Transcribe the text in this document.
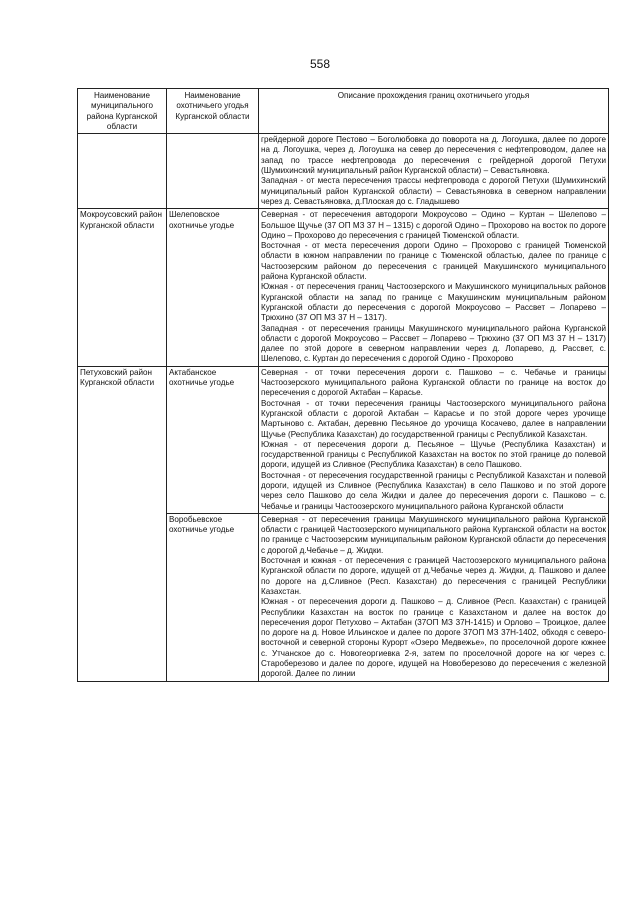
558
Наименование муниципального района Курганской области	Наименование охотничьего угодья Курганской области	Описание прохождения границ охотничьего угодья

		грейдерной дороге Пестово – Боголюбовка до поворота на д. Логоушка, далее по дороге на д. Логоушка, через д. Логоушка на север до пересечения с нефтепроводом, далее на запад по трассе нефтепровода до пересечения с грейдерной дорогой Петухи (Шумихинский муниципальный район Курганской области) – Севастьяновка.
Западная - от места пересечения трассы нефтепровода с дорогой Петухи (Шумихинский муниципальный район Курганской области) – Севастьяновка в северном направлении через д. Севастьяновка, д.Плоская до с. Гладышево

Мокроусовский район Курганской области	Шелеповское охотничье угодье	Северная - от пересечения автодороги Мокроусово – Одино – Куртан – Шелепово – Большое Щучье (37 ОП МЗ 37 Н – 1315) с дорогой Одино – Прохорово на восток по дороге Одино – Прохорово до пересечения с границей Тюменской области.
Восточная - от места пересечения дороги Одино – Прохорово с границей Тюменской области в южном направлении по границе с Тюменской областью, далее по границе с Частоозерским районом до пересечения с границей Макушинского муниципального района Курганской области.
Южная - от пересечения границ Частоозерского и Макушинского муниципальных районов Курганской области на запад по границе с Макушинским муниципальным районом Курганской области до пересечения с дорогой Мокроусово – Рассвет – Лопарево – Трюхино (37 ОП МЗ 37 Н – 1317).
Западная - от пересечения границы Макушинского муниципального района Курганской области с дорогой Мокроусово – Рассвет – Лопарево – Трюхино (37 ОП МЗ 37 Н – 1317) далее по этой дороге в северном направлении через д. Лопарево, д. Рассвет, с. Шелепово, с. Куртан до пересечения с дорогой Одино - Прохорово

Петуховский район Курганской области	Актабанское охотничье угодье	Северная - от точки пересечения дороги с. Пашково – с. Чебачье и границы Частоозерского муниципального района Курганской области по границе на восток до пересечения с дорогой Актабан – Карасье.
Восточная - от точки пересечения границы Частоозерского муниципального района Курганской области с дорогой Актабан – Карасье и по этой дороге через урочище Мартыново с. Актабан, деревню Песьяное до урочища Косачево, далее в направлении Щучье (Республика Казахстан) до государственной границы с Республикой Казахстан.
Южная - от пересечения дороги д. Песьяное – Щучье (Республика Казахстан) и государственной границы с Республикой Казахстан на восток по этой границе до полевой дороги, идущей из Сливное (Республика Казахстан) в село Пашково.
Восточная - от пересечения государственной границы с Республикой Казахстан и полевой дороги, идущей из Сливное (Республика Казахстан) в село Пашково и по этой дороге через село Пашково до села Жидки и далее до пересечения дороги с. Пашково – с. Чебачье и границы Частоозерского муниципального района Курганской области

	Воробьевское охотничье угодье	Северная - от пересечения границы Макушинского муниципального района Курганской области с границей Частоозерского муниципального района Курганской области на восток по границе с Частоозерским муниципальным районом Курганской области до пересечения с дорогой д.Чебачье – д. Жидки.
Восточная и южная - от пересечения с границей Частоозерского муниципального района Курганской области по дороге, идущей от д.Чебачье через д. Жидки, д. Пашково и далее по дороге на д.Сливное (Респ. Казахстан) до пересечения с границей Республики Казахстан.
Южная - от пересечения дороги д. Пашково – д. Сливное (Респ. Казахстан) с границей Республики Казахстан на восток по границе с Казахстаном и далее на восток до пересечения дорог Петухово – Актабан (37ОП МЗ 37Н-1415) и Орлово – Троицкое, далее по дороге на д. Новое Ильинское и далее по дороге 37ОП МЗ 37Н-1402, обходя с северо-восточной и северной стороны Курорт «Озеро Медвежье», по проселочной дороге южнее с. Утчанское до с. Новогеоргиевка 2-я, затем по проселочной дороге на юг через с. Староберезово и далее по дороге, идущей на Новоберезово до пересечения с железной дорогой. Далее по линии
